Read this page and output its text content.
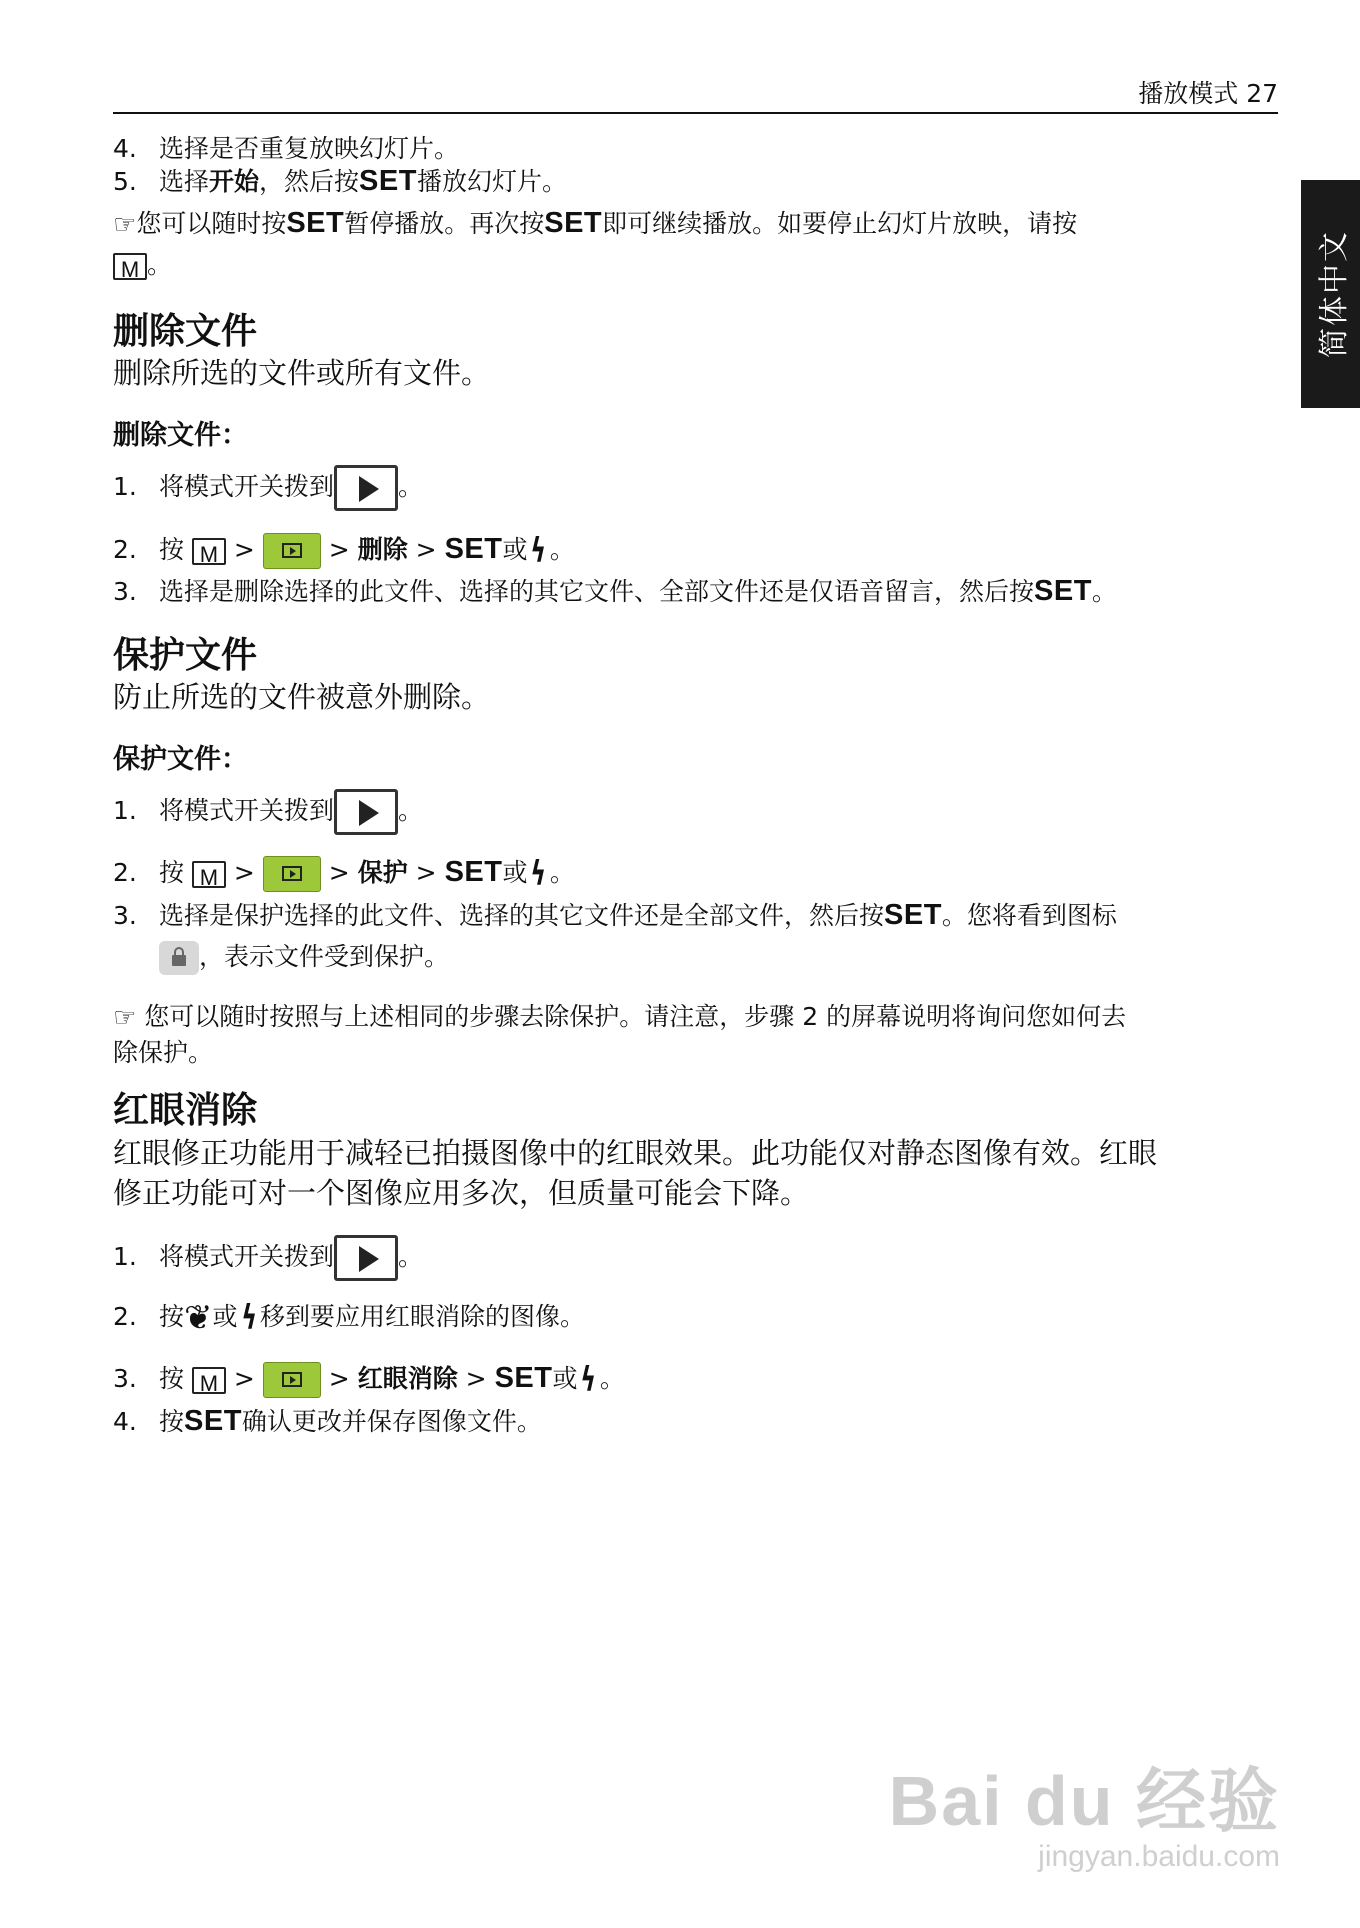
播放模式 27
简体中文
4. 选择是否重复放映幻灯片。
5. 选择开始，然后按SET播放幻灯片。
☞您可以随时按SET暂停播放。再次按SET即可继续播放。如要停止幻灯片放映，请按
M。
删除文件
删除所选的文件或所有文件。
删除文件：
1. 将模式开关拨到	。
2. 按 M >	> 删除 > SET或ϟ 。
3. 选择是删除选择的此文件、选择的其它文件、全部文件还是仅语音留言，然后按SET。
保护文件
防止所选的文件被意外删除。
保护文件：
1. 将模式开关拨到	。
2. 按 M >	> 保护 > SET或ϟ 。
3. 选择是保护选择的此文件、选择的其它文件还是全部文件，然后按SET。您将看到图标
，表示文件受到保护。
☞ 您可以随时按照与上述相同的步骤去除保护。请注意，步骤 2 的屏幕说明将询问您如何去
除保护。
红眼消除
红眼修正功能用于减轻已拍摄图像中的红眼效果。此功能仅对静态图像有效。红眼
修正功能可对一个图像应用多次，但质量可能会下降。
1. 将模式开关拨到	。
2. 按❦或ϟ 移到要应用红眼消除的图像。
3. 按 M >	> 红眼消除 > SET或ϟ 。
4. 按SET确认更改并保存图像文件。
Bai du 经验
jingyan.baidu.com
